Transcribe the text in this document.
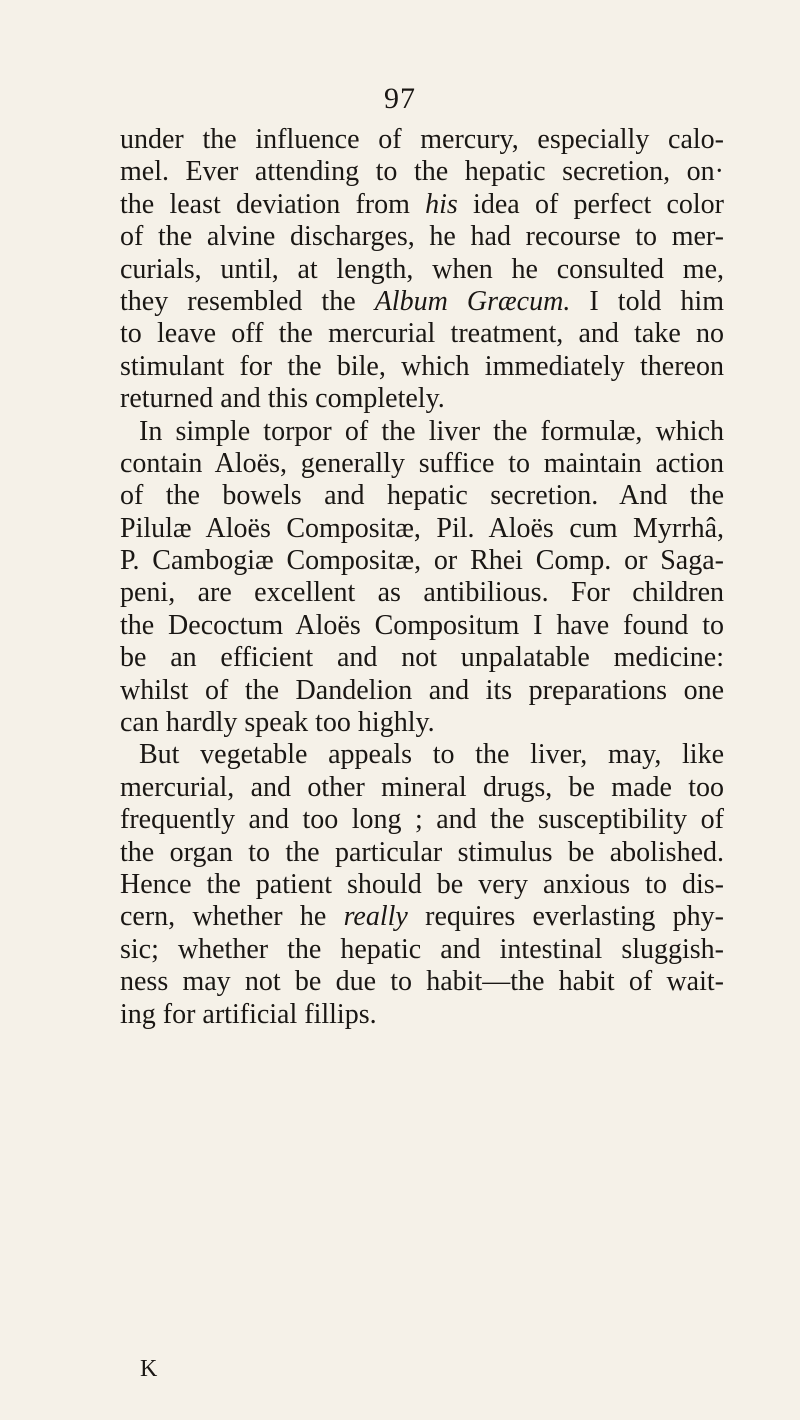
97
under the influence of mercury, especially calo-
mel. Ever attending to the hepatic secretion, on·
the least deviation from his idea of perfect color
of the alvine discharges, he had recourse to mer-
curials, until, at length, when he consulted me,
they resembled the Album Græcum. I told him
to leave off the mercurial treatment, and take no
stimulant for the bile, which immediately thereon
returned and this completely.
In simple torpor of the liver the formulæ, which
contain Aloës, generally suffice to maintain action
of the bowels and hepatic secretion. And the
Pilulæ Aloës Compositæ, Pil. Aloës cum Myrrhâ,
P. Cambogiæ Compositæ, or Rhei Comp. or Saga-
peni, are excellent as antibilious. For children
the Decoctum Aloës Compositum I have found to
be an efficient and not unpalatable medicine:
whilst of the Dandelion and its preparations one
can hardly speak too highly.
But vegetable appeals to the liver, may, like
mercurial, and other mineral drugs, be made too
frequently and too long ; and the susceptibility of
the organ to the particular stimulus be abolished.
Hence the patient should be very anxious to dis-
cern, whether he really requires everlasting phy-
sic; whether the hepatic and intestinal sluggish-
ness may not be due to habit—the habit of wait-
ing for artificial fillips.
K
